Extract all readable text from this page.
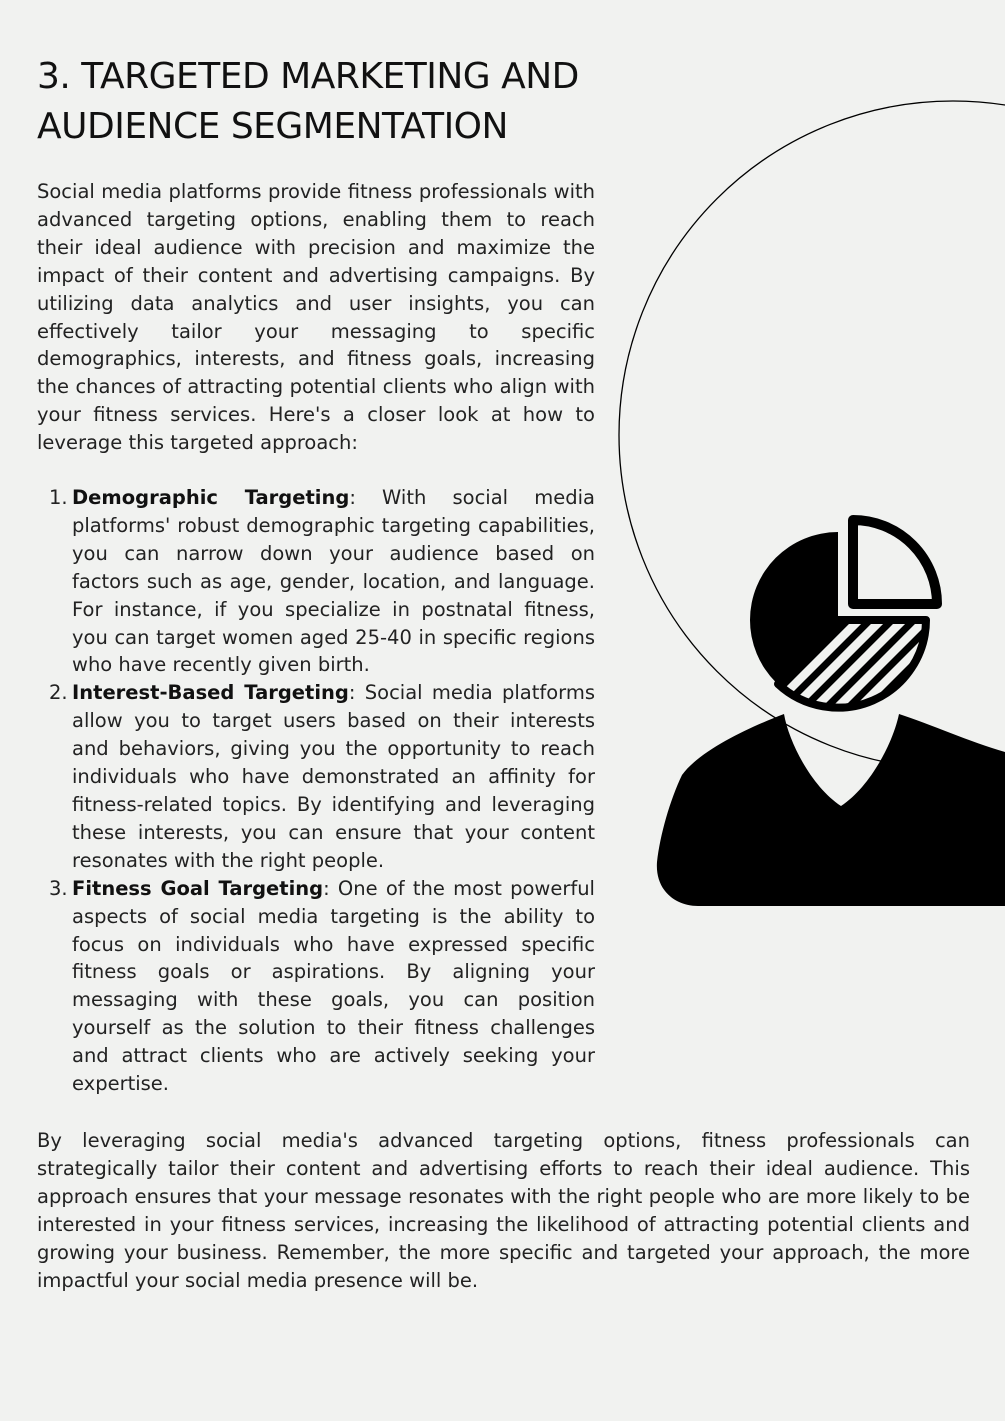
3. TARGETED MARKETING AND
AUDIENCE SEGMENTATION

Social media platforms provide fitness professionals with advanced targeting options, enabling them to reach their ideal audience with precision and maximize the impact of their content and advertising campaigns. By utilizing data analytics and user insights, you can effectively tailor your messaging to specific demographics, interests, and fitness goals, increasing the chances of attracting potential clients who align with your fitness services. Here's a closer look at how to leverage this targeted approach:

1. Demographic Targeting: With social media platforms' robust demographic targeting capabilities, you can narrow down your audience based on factors such as age, gender, location, and language. For instance, if you specialize in postnatal fitness, you can target women aged 25-40 in specific regions who have recently given birth.
2. Interest-Based Targeting: Social media platforms allow you to target users based on their interests and behaviors, giving you the opportunity to reach individuals who have demonstrated an affinity for fitness-related topics. By identifying and leveraging these interests, you can ensure that your content resonates with the right people.
3. Fitness Goal Targeting: One of the most powerful aspects of social media targeting is the ability to focus on individuals who have expressed specific fitness goals or aspirations. By aligning your messaging with these goals, you can position yourself as the solution to their fitness challenges and attract clients who are actively seeking your expertise.

By leveraging social media's advanced targeting options, fitness professionals can strategically tailor their content and advertising efforts to reach their ideal audience. This approach ensures that your message resonates with the right people who are more likely to be interested in your fitness services, increasing the likelihood of attracting potential clients and growing your business. Remember, the more specific and targeted your approach, the more impactful your social media presence will be.
